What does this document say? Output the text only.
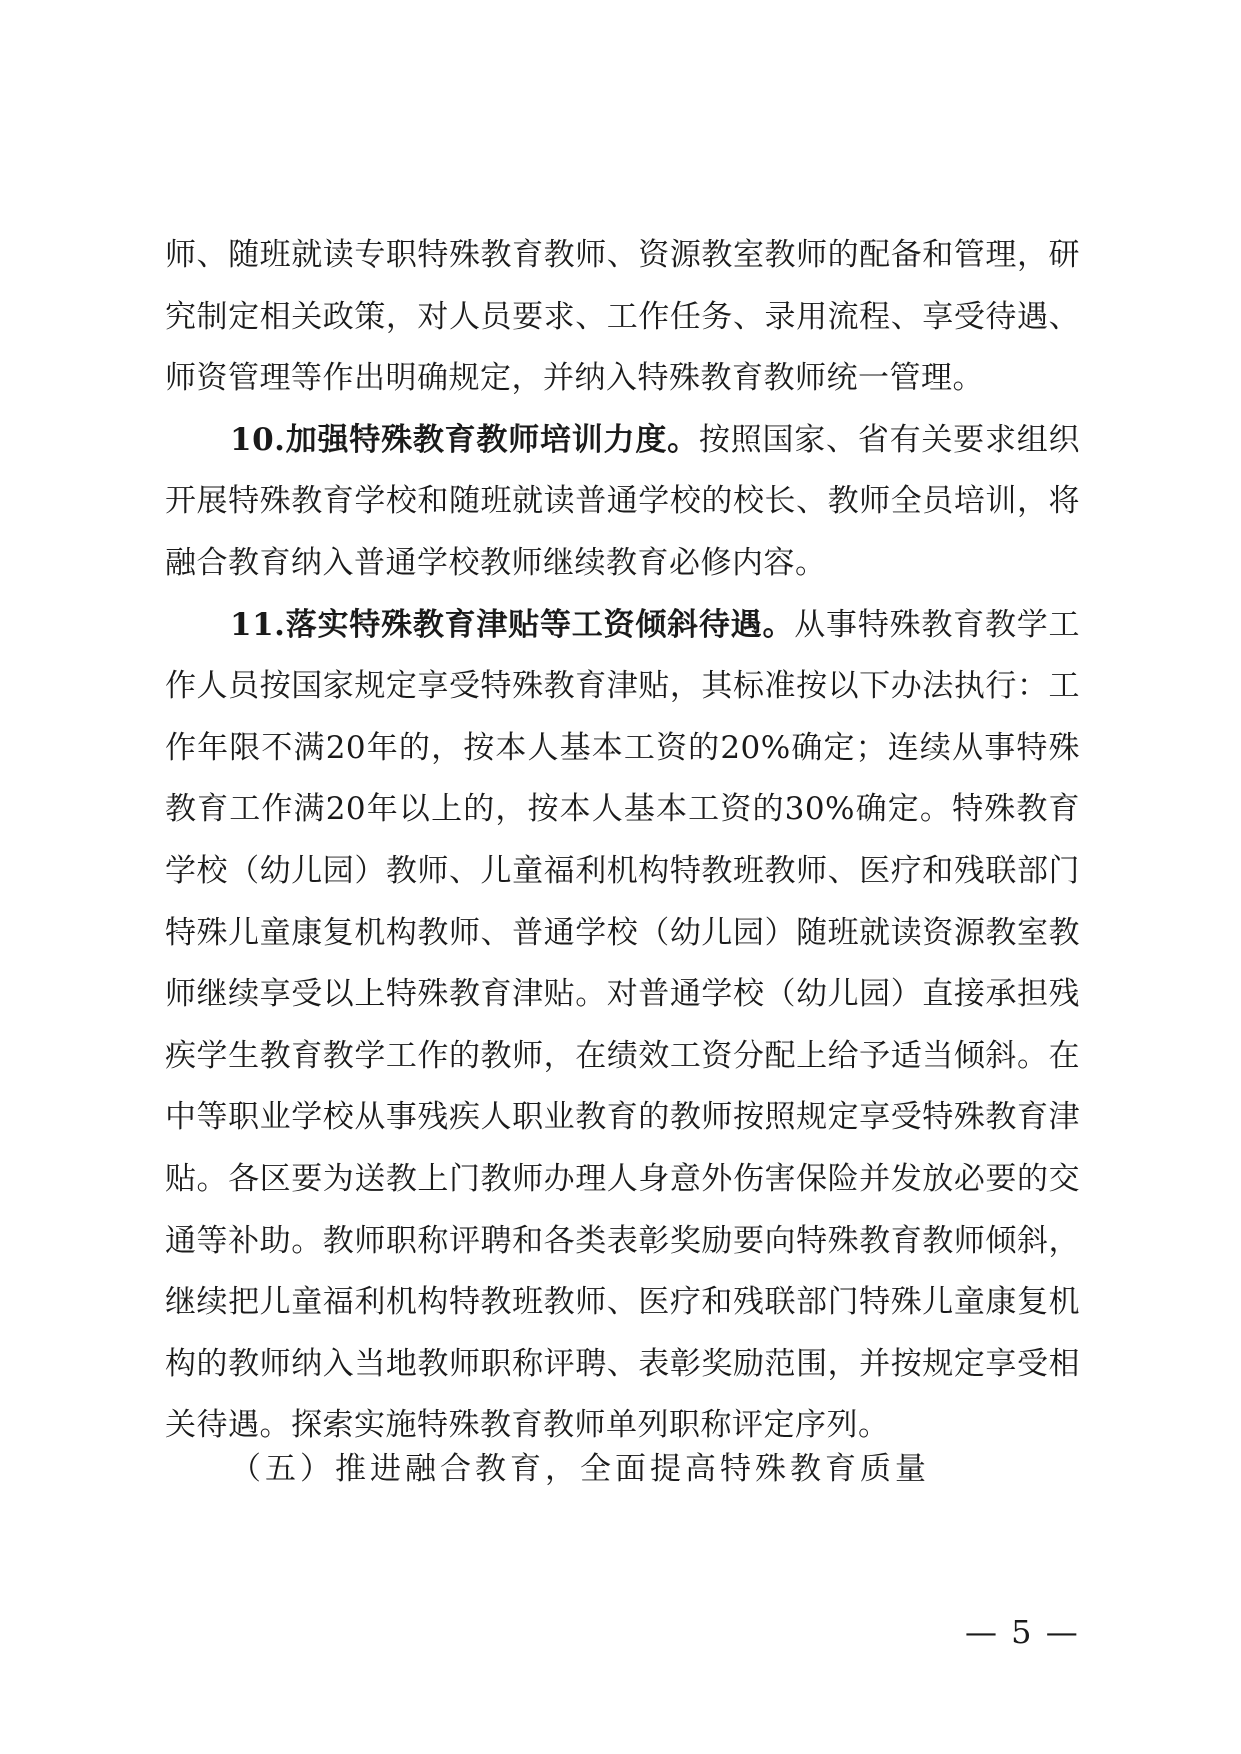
师、随班就读专职特殊教育教师、资源教室教师的配备和管理，研究制定相关政策，对人员要求、工作任务、录用流程、享受待遇、师资管理等作出明确规定，并纳入特殊教育教师统一管理。

10.加强特殊教育教师培训力度。按照国家、省有关要求组织开展特殊教育学校和随班就读普通学校的校长、教师全员培训，将融合教育纳入普通学校教师继续教育必修内容。

11.落实特殊教育津贴等工资倾斜待遇。从事特殊教育教学工作人员按国家规定享受特殊教育津贴，其标准按以下办法执行：工作年限不满20年的，按本人基本工资的20%确定；连续从事特殊教育工作满20年以上的，按本人基本工资的30%确定。特殊教育学校（幼儿园）教师、儿童福利机构特教班教师、医疗和残联部门特殊儿童康复机构教师、普通学校（幼儿园）随班就读资源教室教师继续享受以上特殊教育津贴。对普通学校（幼儿园）直接承担残疾学生教育教学工作的教师，在绩效工资分配上给予适当倾斜。在中等职业学校从事残疾人职业教育的教师按照规定享受特殊教育津贴。各区要为送教上门教师办理人身意外伤害保险并发放必要的交通等补助。教师职称评聘和各类表彰奖励要向特殊教育教师倾斜，继续把儿童福利机构特教班教师、医疗和残联部门特殊儿童康复机构的教师纳入当地教师职称评聘、表彰奖励范围，并按规定享受相关待遇。探索实施特殊教育教师单列职称评定序列。

（五）推进融合教育，全面提高特殊教育质量
— 5 —
